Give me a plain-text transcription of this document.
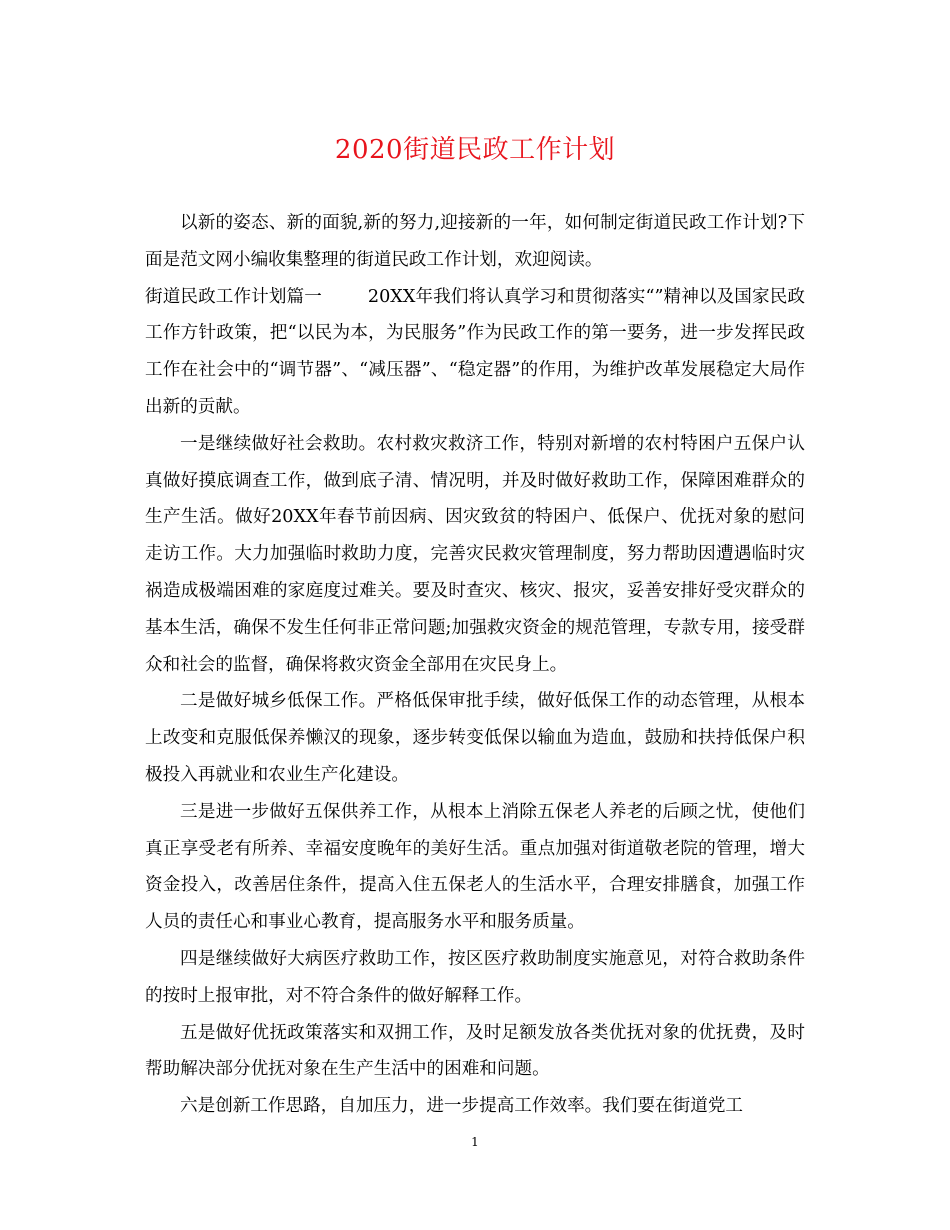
2020街道民政工作计划

以新的姿态、新的面貌,新的努力,迎接新的一年，如何制定街道民政工作计划?下面是范文网小编收集整理的街道民政工作计划，欢迎阅读。

街道民政工作计划篇一	20XX年我们将认真学习和贯彻落实“”精神以及国家民政工作方针政策，把“以民为本，为民服务”作为民政工作的第一要务，进一步发挥民政工作在社会中的“调节器”、“减压器”、“稳定器”的作用，为维护改革发展稳定大局作出新的贡献。

一是继续做好社会救助。农村救灾救济工作，特别对新增的农村特困户五保户认真做好摸底调查工作，做到底子清、情况明，并及时做好救助工作，保障困难群众的生产生活。做好20XX年春节前因病、因灾致贫的特困户、低保户、优抚对象的慰问走访工作。大力加强临时救助力度，完善灾民救灾管理制度，努力帮助因遭遇临时灾祸造成极端困难的家庭度过难关。要及时查灾、核灾、报灾，妥善安排好受灾群众的基本生活，确保不发生任何非正常问题;加强救灾资金的规范管理，专款专用，接受群众和社会的监督，确保将救灾资金全部用在灾民身上。

二是做好城乡低保工作。严格低保审批手续，做好低保工作的动态管理，从根本上改变和克服低保养懒汉的现象，逐步转变低保以输血为造血，鼓励和扶持低保户积极投入再就业和农业生产化建设。

三是进一步做好五保供养工作，从根本上消除五保老人养老的后顾之忧，使他们真正享受老有所养、幸福安度晚年的美好生活。重点加强对街道敬老院的管理，增大资金投入，改善居住条件，提高入住五保老人的生活水平，合理安排膳食，加强工作人员的责任心和事业心教育，提高服务水平和服务质量。

四是继续做好大病医疗救助工作，按区医疗救助制度实施意见，对符合救助条件的按时上报审批，对不符合条件的做好解释工作。

五是做好优抚政策落实和双拥工作，及时足额发放各类优抚对象的优抚费，及时帮助解决部分优抚对象在生产生活中的困难和问题。

六是创新工作思路，自加压力，进一步提高工作效率。我们要在街道党工

1
